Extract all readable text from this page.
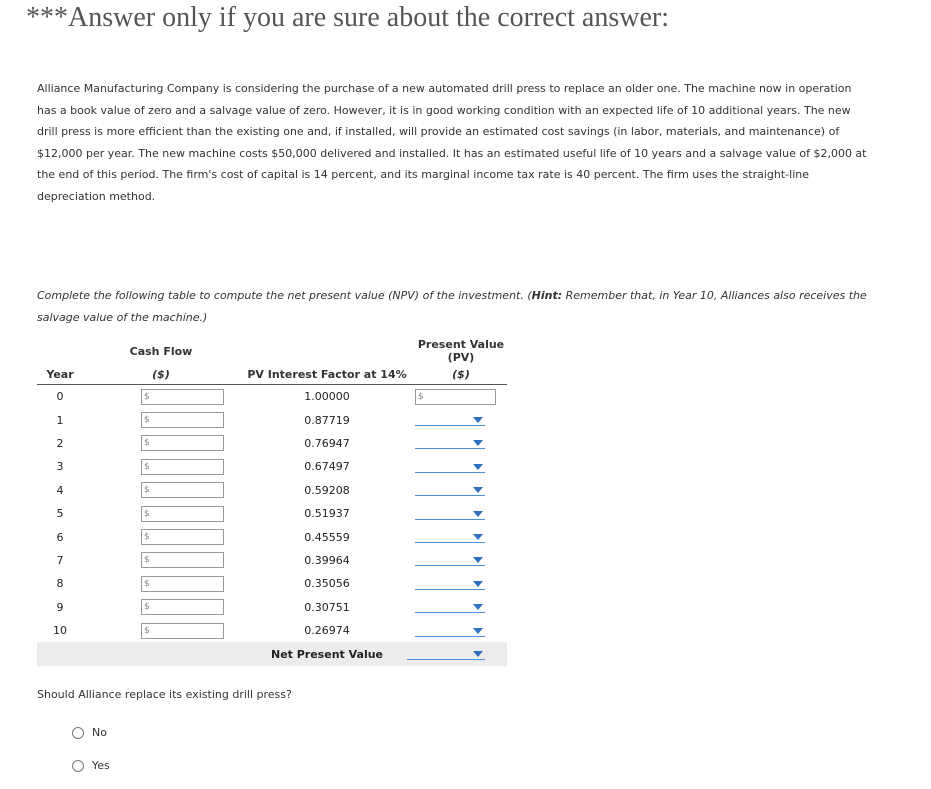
***Answer only if you are sure about the correct answer:
Alliance Manufacturing Company is considering the purchase of a new automated drill press to replace an older one. The machine now in operation has a book value of zero and a salvage value of zero. However, it is in good working condition with an expected life of 10 additional years. The new drill press is more efficient than the existing one and, if installed, will provide an estimated cost savings (in labor, materials, and maintenance) of $12,000 per year. The new machine costs $50,000 delivered and installed. It has an estimated useful life of 10 years and a salvage value of $2,000 at the end of this period. The firm's cost of capital is 14 percent, and its marginal income tax rate is 40 percent. The firm uses the straight-line depreciation method.
Complete the following table to compute the net present value (NPV) of the investment. (Hint: Remember that, in Year 10, Alliances also receives the salvage value of the machine.)
Year	Cash Flow	PV Interest Factor at 14%	Present Value (PV)
	($)		($)
0	$	1.00000	$

1	$	0.87719	

2	$	0.76947	

3	$	0.67497	

4	$	0.59208	

5	$	0.51937	

6	$	0.45559	

7	$	0.39964	

8	$	0.35056	

9	$	0.30751	

10	$	0.26974	

		Net Present Value	
Should Alliance replace its existing drill press?
No
Yes
